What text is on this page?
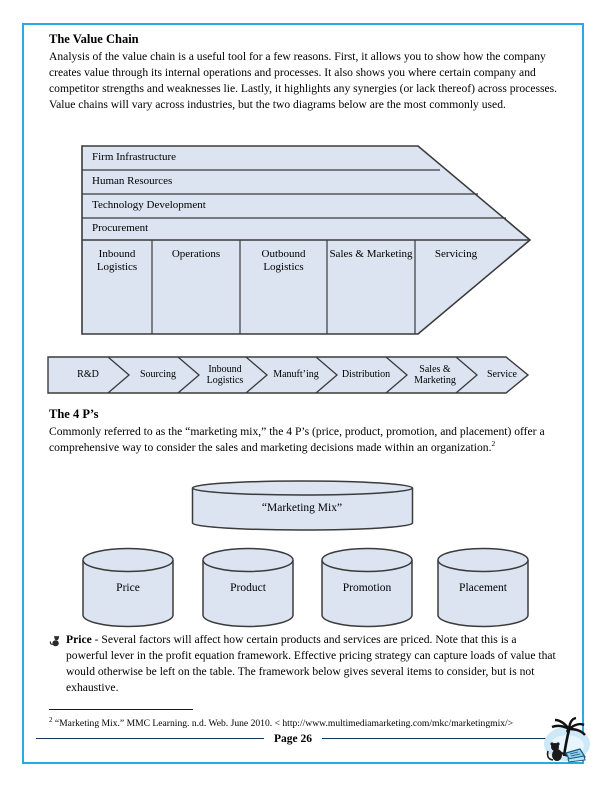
The Value Chain
Analysis of the value chain is a useful tool for a few reasons. First, it allows you to show how the company creates value through its internal operations and processes. It also shows you where certain company and competitor strengths and weaknesses lie. Lastly, it highlights any synergies (or lack thereof) across processes. Value chains will vary across industries, but the two diagrams below are the most commonly used.
Firm Infrastructure
Human Resources
Technology Development
Procurement
Inbound Logistics
Operations	Outbound Logistics
Sales & Marketing	Servicing
R&D	Sourcing
Inbound Logistics
Manuft’ing	Distribution
Sales & Marketing
Service
The 4 P’s
Commonly referred to as the “marketing mix,” the 4 P’s (price, product, promotion, and placement) offer a comprehensive way to consider the sales and marketing decisions made within an organization.$^2$
“Marketing Mix”
Price	Product	Promotion	Placement
Price - Several factors will affect how certain products and services are priced. Note that this is a powerful lever in the profit equation framework. Effective pricing strategy can capture loads of value that would otherwise be left on the table. The framework below gives several items to consider, but is not exhaustive.
$^2$ “Marketing Mix.” MMC Learning. n.d. Web. June 2010. < http://www.multimediamarketing.com/mkc/marketingmix/>
Page 26
